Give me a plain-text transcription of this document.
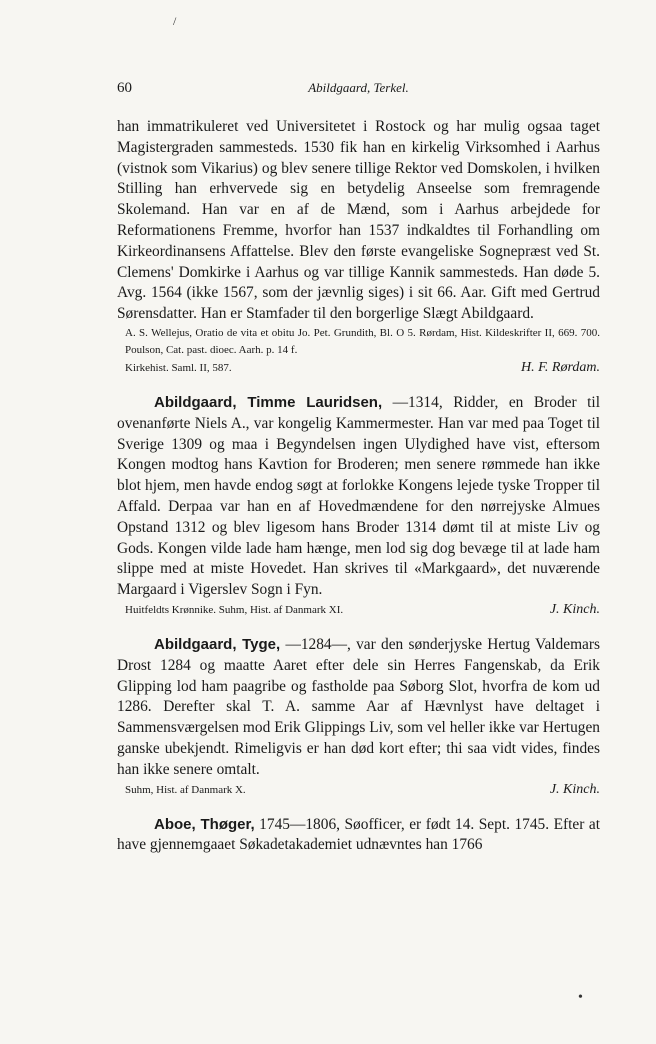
/
60	Abildgaard, Terkel.

han immatrikuleret ved Universitetet i Rostock og har mulig ogsaa taget Magistergraden sammesteds. 1530 fik han en kirkelig Virksomhed i Aarhus (vistnok som Vikarius) og blev senere tillige Rektor ved Domskolen, i hvilken Stilling han erhvervede sig en betydelig Anseelse som fremragende Skolemand. Han var en af de Mænd, som i Aarhus arbejdede for Reformationens Fremme, hvorfor han 1537 indkaldtes til Forhandling om Kirkeordinansens Affattelse. Blev den første evangeliske Sognepræst ved St. Clemens' Domkirke i Aarhus og var tillige Kannik sammesteds. Han døde 5. Avg. 1564 (ikke 1567, som der jævnlig siges) i sit 66. Aar. Gift med Gertrud Sørensdatter. Han er Stamfader til den borgerlige Slægt Abildgaard.

A. S. Wellejus, Oratio de vita et obitu Jo. Pet. Grundith, Bl. O 5. Rørdam, Hist. Kildeskrifter II, 669. 700. Poulson, Cat. past. dioec. Aarh. p. 14 f.

Kirkehist. Saml. II, 587.	H. F. Rørdam.

Abildgaard, Timme Lauridsen, —1314, Ridder, en Broder til ovenanførte Niels A., var kongelig Kammermester. Han var med paa Toget til Sverige 1309 og maa i Begyndelsen ingen Ulydighed have vist, eftersom Kongen modtog hans Kavtion for Broderen; men senere rømmede han ikke blot hjem, men havde endog søgt at forlokke Kongens lejede tyske Tropper til Affald. Derpaa var han en af Hovedmændene for den nørrejyske Almues Opstand 1312 og blev ligesom hans Broder 1314 dømt til at miste Liv og Gods. Kongen vilde lade ham hænge, men lod sig dog bevæge til at lade ham slippe med at miste Hovedet. Han skrives til «Markgaard», det nuværende Margaard i Vigerslev Sogn i Fyn.

Huitfeldts Krønnike. Suhm, Hist. af Danmark XI.	J. Kinch.

Abildgaard, Tyge, —1284—, var den sønderjyske Hertug Valdemars Drost 1284 og maatte Aaret efter dele sin Herres Fangenskab, da Erik Glipping lod ham paagribe og fastholde paa Søborg Slot, hvorfra de kom ud 1286. Derefter skal T. A. samme Aar af Hævnlyst have deltaget i Sammensværgelsen mod Erik Glippings Liv, som vel heller ikke var Hertugen ganske ubekjendt. Rimeligvis er han død kort efter; thi saa vidt vides, findes han ikke senere omtalt.

Suhm, Hist. af Danmark X.	J. Kinch.

Aboe, Thøger, 1745—1806, Søofficer, er født 14. Sept. 1745. Efter at have gjennemgaaet Søkadetakademiet udnævntes han 1766

•
